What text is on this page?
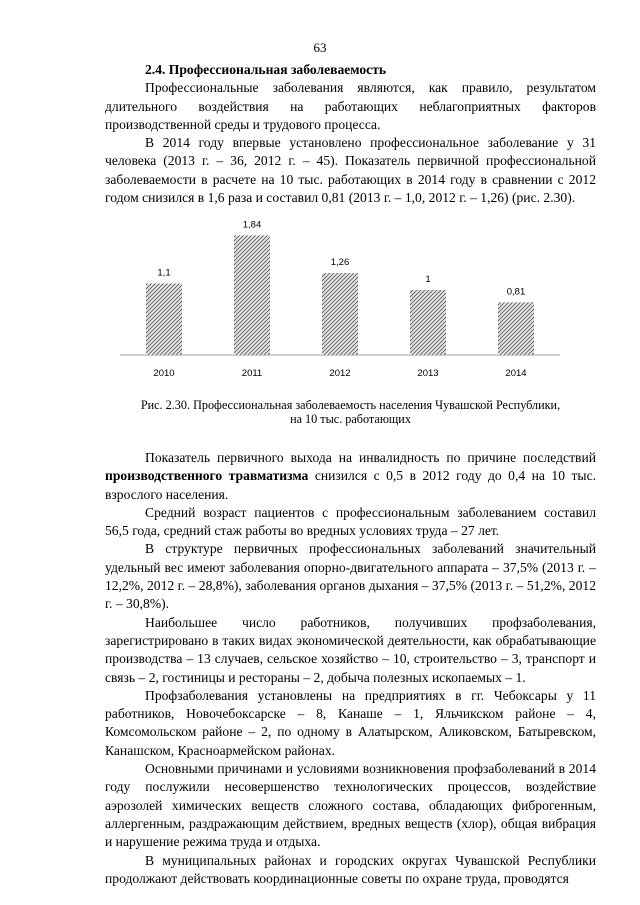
63

2.4. Профессиональная заболеваемость

Профессиональные заболевания являются, как правило, результатом длительного воздействия на работающих неблагоприятных факторов производственной среды и трудового процесса.

В 2014 году впервые установлено профессиональное заболевание у 31 человека (2013 г. – 36, 2012 г. – 45). Показатель первичной профессиональной заболеваемости в расчете на 10 тыс. работающих в 2014 году в сравнении с 2012 годом снизился в 1,6 раза и составил 0,81 (2013 г. – 1,0, 2012 г. – 1,26) (рис. 2.30).

1,1
2010
1,84
2011
1,26
2012
1
2013
0,81
2014
Рис. 2.30. Профессиональная заболеваемость населения Чувашской Республики,
на 10 тыс. работающих

Показатель первичного выхода на инвалидность по причине последствий производственного травматизма снизился с 0,5 в 2012 году до 0,4 на 10 тыс. взрослого населения.

Средний возраст пациентов с профессиональным заболеванием составил 56,5 года, средний стаж работы во вредных условиях труда – 27 лет.

В структуре первичных профессиональных заболеваний значительный удельный вес имеют заболевания опорно-двигательного аппарата – 37,5% (2013 г. – 12,2%, 2012 г. – 28,8%), заболевания органов дыхания – 37,5% (2013 г. – 51,2%, 2012 г. – 30,8%).

Наибольшее число работников, получивших профзаболевания, зарегистрировано в таких видах экономической деятельности, как обрабатывающие производства – 13 случаев, сельское хозяйство – 10, строительство – 3, транспорт и связь – 2, гостиницы и рестораны – 2, добыча полезных ископаемых – 1.

Профзаболевания установлены на предприятиях в гг. Чебоксары у 11 работников, Новочебоксарске – 8, Канаше – 1, Яльчикском районе – 4, Комсомольском районе – 2, по одному в Алатырском, Аликовском, Батыревском, Канашском, Красноармейском районах.

Основными причинами и условиями возникновения профзаболеваний в 2014 году послужили несовершенство технологических процессов, воздействие аэрозолей химических веществ сложного состава, обладающих фиброгенным, аллергенным, раздражающим действием, вредных веществ (хлор), общая вибрация и нарушение режима труда и отдыха.

В муниципальных районах и городских округах Чувашской Республики продолжают действовать координационные советы по охране труда, проводятся
